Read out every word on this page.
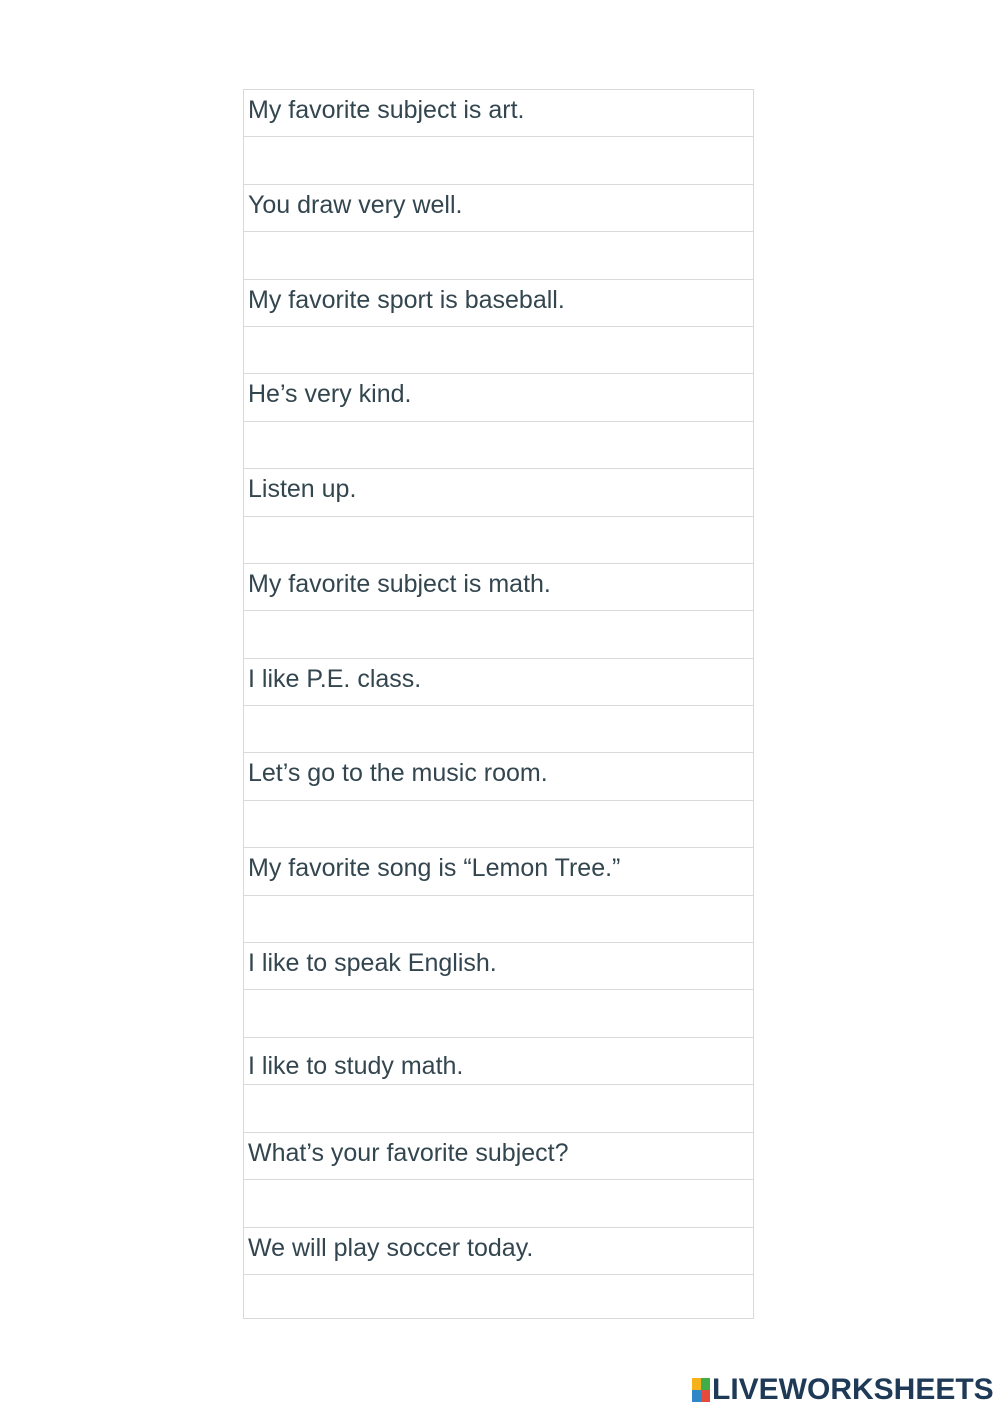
My favorite subject is art.
You draw very well.
My favorite sport is baseball.
He’s very kind.
Listen up.
My favorite subject is math.
I like P.E. class.
Let’s go to the music room.
My favorite song is “Lemon Tree.”
I like to speak English.
I like to study math.
What’s your favorite subject?
We will play soccer today.
LIVEWORKSHEETS
